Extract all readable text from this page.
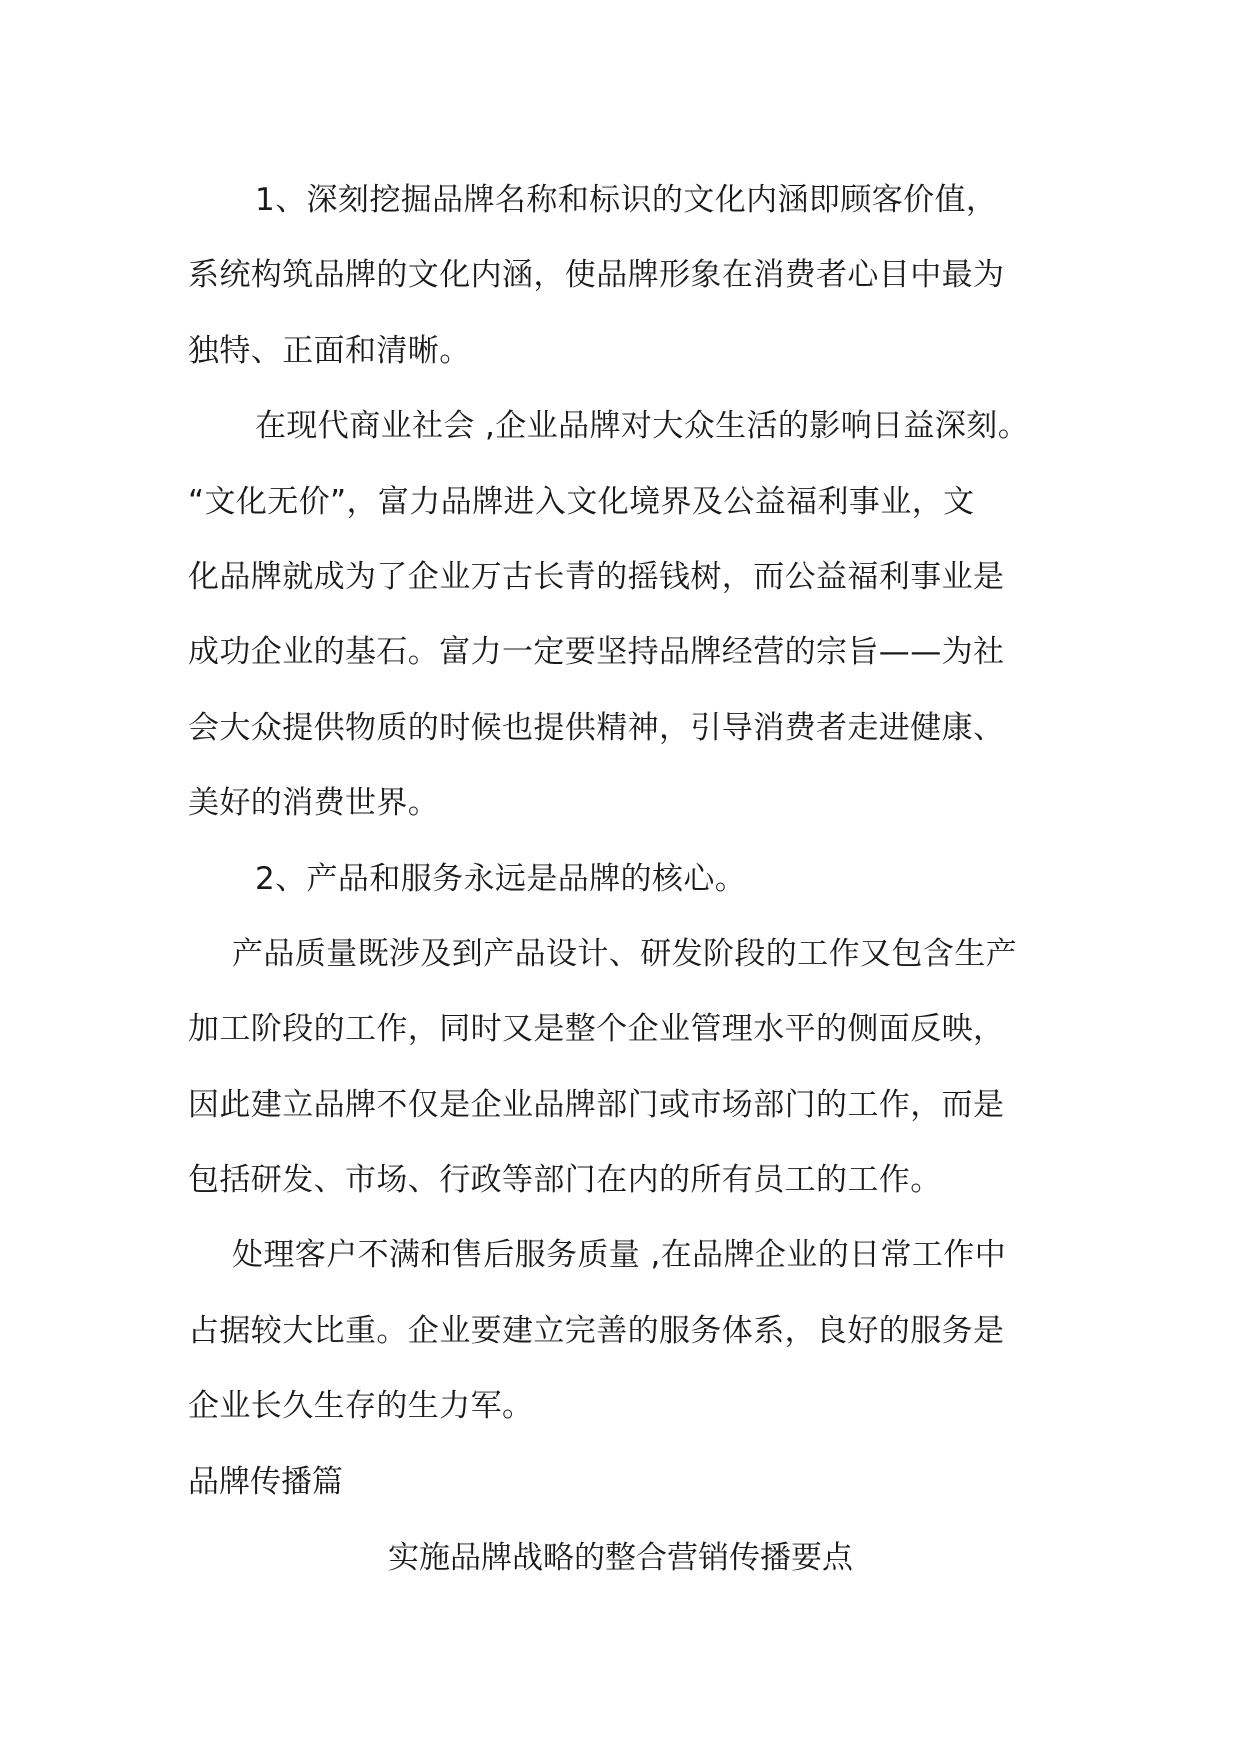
1、深刻挖掘品牌名称和标识的文化内涵即顾客价值，
系统构筑品牌的文化内涵，使品牌形象在消费者心目中最为
独特、正面和清晰。
在现代商业社会 ,企业品牌对大众生活的影响日益深刻。
“文化无价”，富力品牌进入文化境界及公益福利事业，文
化品牌就成为了企业万古长青的摇钱树，而公益福利事业是
成功企业的基石。富力一定要坚持品牌经营的宗旨——为社
会大众提供物质的时候也提供精神，引导消费者走进健康、
美好的消费世界。
2、产品和服务永远是品牌的核心。
产品质量既涉及到产品设计、研发阶段的工作又包含生产
加工阶段的工作，同时又是整个企业管理水平的侧面反映，
因此建立品牌不仅是企业品牌部门或市场部门的工作，而是
包括研发、市场、行政等部门在内的所有员工的工作。
处理客户不满和售后服务质量 ,在品牌企业的日常工作中
占据较大比重。企业要建立完善的服务体系，良好的服务是
企业长久生存的生力军。
品牌传播篇
实施品牌战略的整合营销传播要点
